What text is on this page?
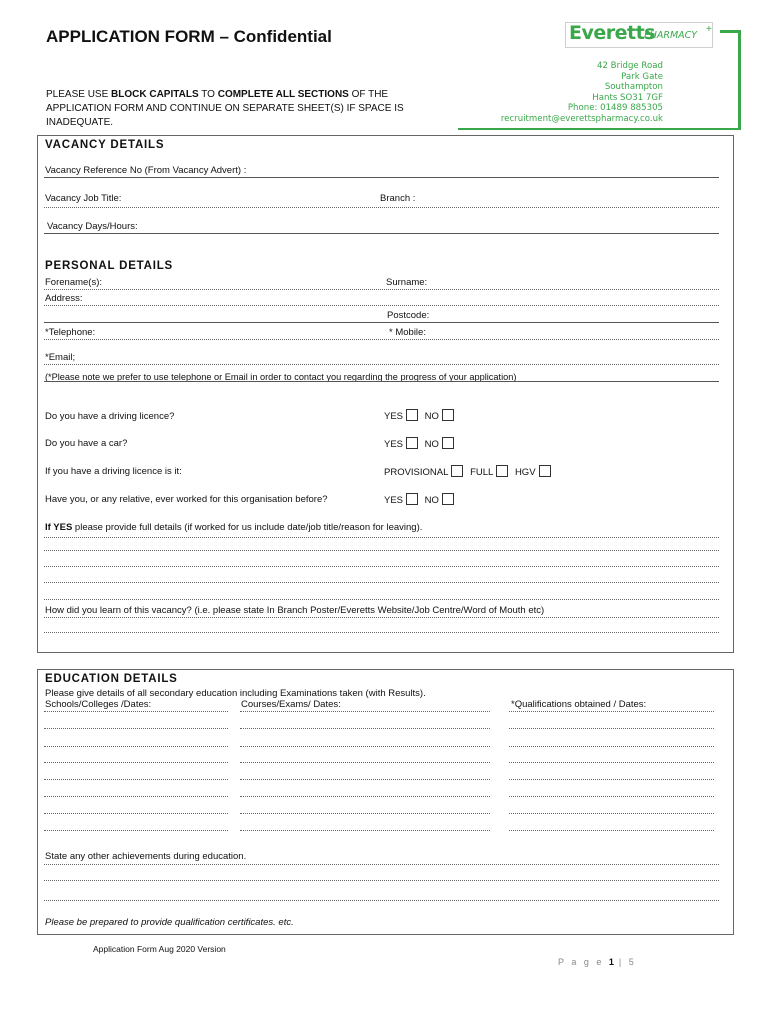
APPLICATION FORM – Confidential
PLEASE USE BLOCK CAPITALS TO COMPLETE ALL SECTIONS OF THE APPLICATION FORM AND CONTINUE ON SEPARATE SHEET(S) IF SPACE IS INADEQUATE.
Everetts
PHARMACY
+
42 Bridge Road
Park Gate
Southampton
Hants SO31 7GF
Phone: 01489 885305
recruitment@everettspharmacy.co.uk
VACANCY DETAILS
Vacancy Reference No (From Vacancy Advert) :
Vacancy Job Title:	Branch :
Vacancy Days/Hours:
PERSONAL DETAILS
Forename(s):	Surname:
Address:
Postcode:
*Telephone:	* Mobile:
*Email;
(*Please note we prefer to use telephone or Email in order to contact you regarding the progress of your application)
Do you have a driving licence?	YES NO
Do you have a car?	YES NO
If you have a driving licence is it:	PROVISIONAL FULL HGV
Have you, or any relative, ever worked for this organisation before?	YES NO
If YES please provide full details (if worked for us include date/job title/reason for leaving).
How did you learn of this vacancy? (i.e. please state In Branch Poster/Everetts Website/Job Centre/Word of Mouth etc)
EDUCATION DETAILS
Please give details of all secondary education including Examinations taken (with Results).
Schools/Colleges /Dates:	Courses/Exams/ Dates:	*Qualifications obtained / Dates:
State any other achievements during education.
Please be prepared to provide qualification certificates. etc.
Application Form Aug 2020 Version
P a g e 1 | 5
